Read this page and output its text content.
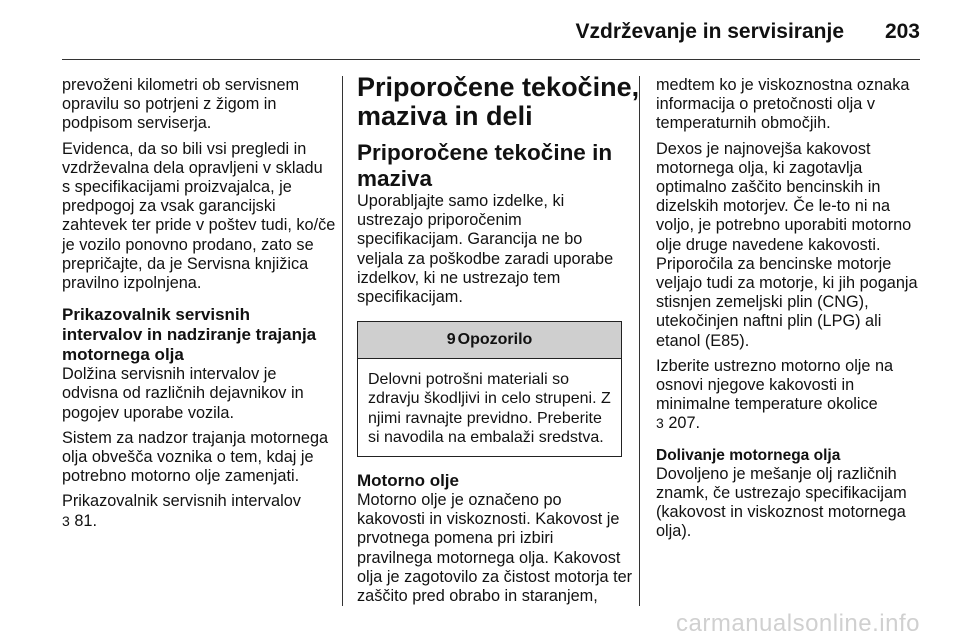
Vzdrževanje in servisiranje 203

prevoženi kilometri ob servisnem
opravilu so potrjeni z žigom in
podpisom serviserja.

Evidenca, da so bili vsi pregledi in
vzdrževalna dela opravljeni v skladu
s specifikacijami proizvajalca, je
predpogoj za vsak garancijski
zahtevek ter pride v poštev tudi, ko/če
je vozilo ponovno prodano, zato se
prepričajte, da je Servisna knjižica
pravilno izpolnjena.

Prikazovalnik servisnih
intervalov in nadziranje trajanja
motornega olja

Dolžina servisnih intervalov je
odvisna od različnih dejavnikov in
pogojev uporabe vozila.

Sistem za nadzor trajanja motornega
olja obvešča voznika o tem, kdaj je
potrebno motorno olje zamenjati.

Prikazovalnik servisnih intervalov
3 81.

Priporočene tekočine,
maziva in deli
Priporočene tekočine in
maziva

Uporabljajte samo izdelke, ki
ustrezajo priporočenim
specifikacijam. Garancija ne bo
veljala za poškodbe zaradi uporabe
izdelkov, ki ne ustrezajo tem
specifikacijam.

9 Opozorilo
Delovni potrošni materiali so
zdravju škodljivi in celo strupeni. Z
njimi ravnajte previdno. Preberite
si navodila na embalaži sredstva.
Motorno olje

Motorno olje je označeno po
kakovosti in viskoznosti. Kakovost je
prvotnega pomena pri izbiri
pravilnega motornega olja. Kakovost
olja je zagotovilo za čistost motorja ter
zaščito pred obrabo in staranjem,

medtem ko je viskoznostna oznaka
informacija o pretočnosti olja v
temperaturnih območjih.

Dexos je najnovejša kakovost
motornega olja, ki zagotavlja
optimalno zaščito bencinskih in
dizelskih motorjev. Če le-to ni na
voljo, je potrebno uporabiti motorno
olje druge navedene kakovosti.
Priporočila za bencinske motorje
veljajo tudi za motorje, ki jih poganja
stisnjen zemeljski plin (CNG),
utekočinjen naftni plin (LPG) ali
etanol (E85).

Izberite ustrezno motorno olje na
osnovi njegove kakovosti in
minimalne temperature okolice
3 207.

Dolivanje motornega olja

Dovoljeno je mešanje olj različnih
znamk, če ustrezajo specifikacijam
(kakovost in viskoznost motornega
olja).

carmanualsonline.info
